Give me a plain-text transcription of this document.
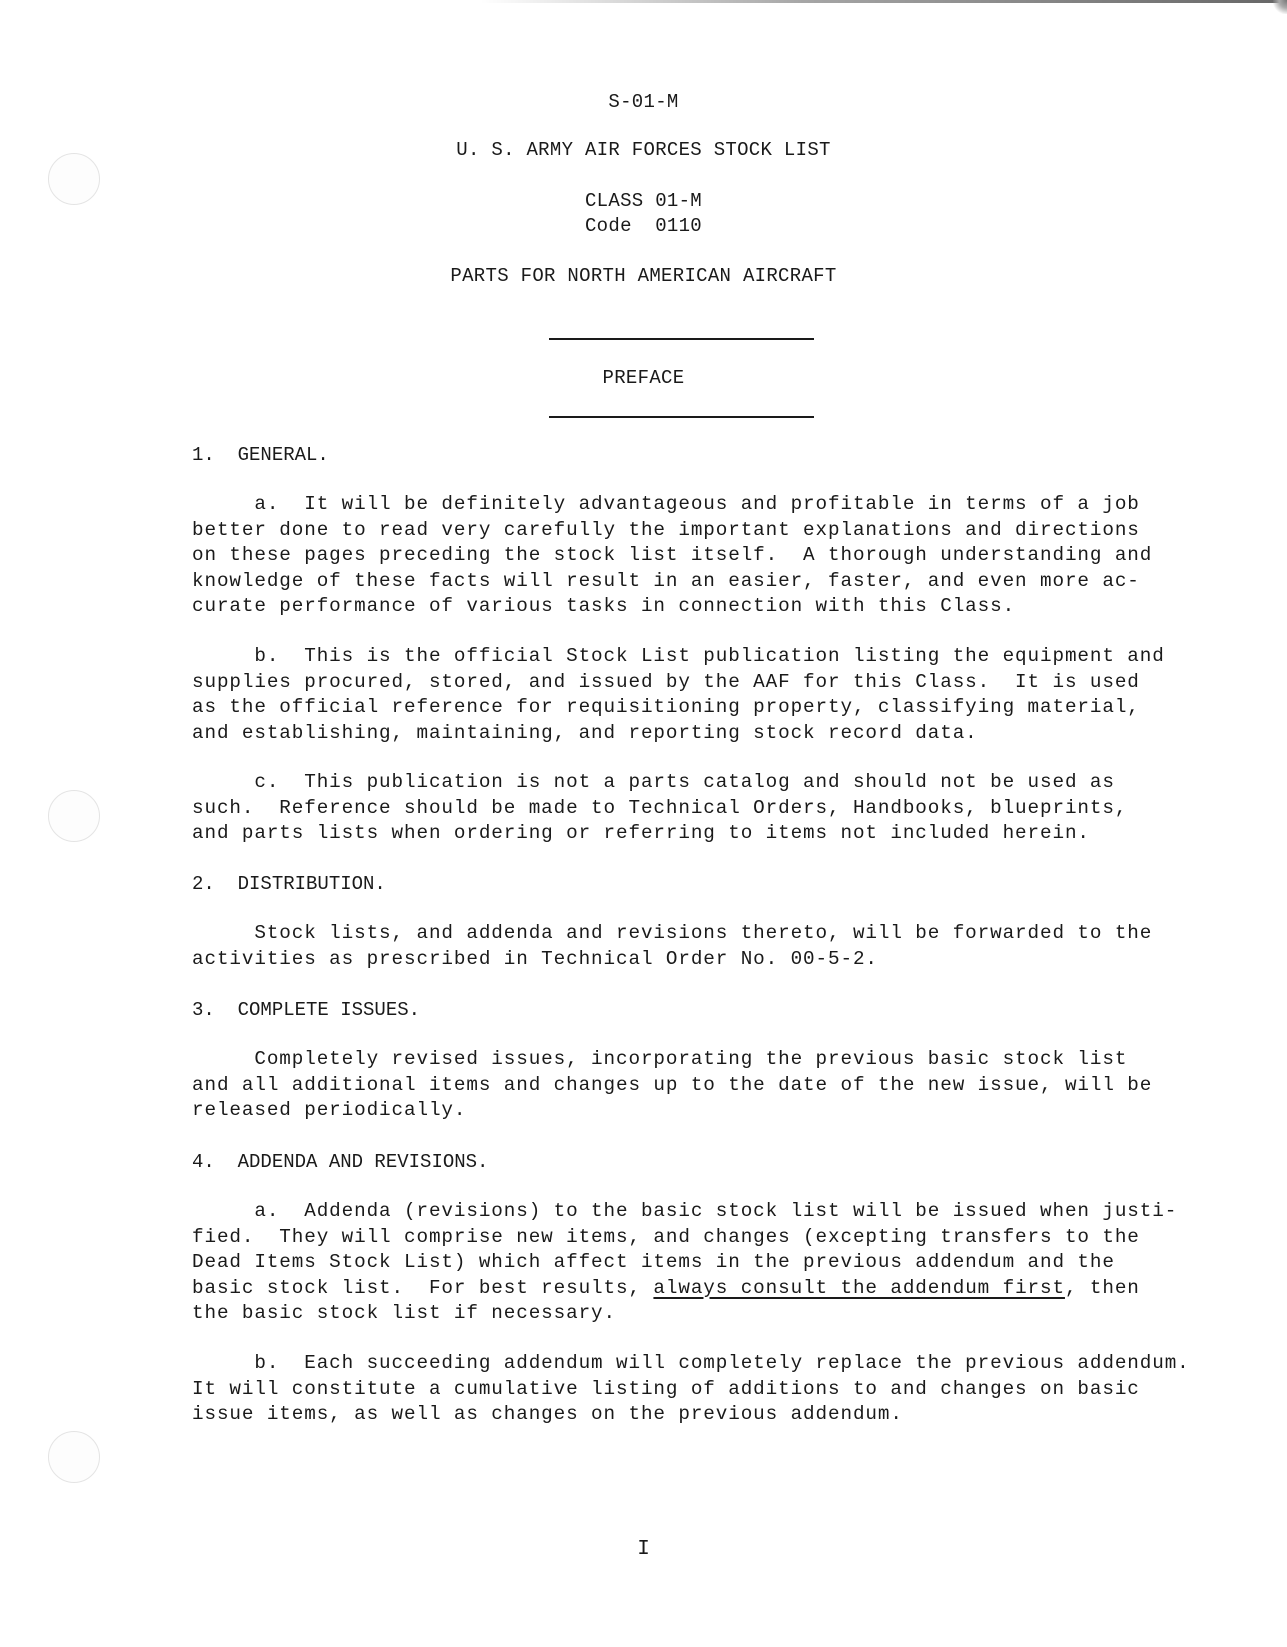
S-01-M
U. S. ARMY AIR FORCES STOCK LIST
CLASS 01-M
Code  0110
PARTS FOR NORTH AMERICAN AIRCRAFT
PREFACE
1.  GENERAL.
a.  It will be definitely advantageous and profitable in terms of a job
better done to read very carefully the important explanations and directions
on these pages preceding the stock list itself.  A thorough understanding and
knowledge of these facts will result in an easier, faster, and even more ac-
curate performance of various tasks in connection with this Class.
b.  This is the official Stock List publication listing the equipment and
supplies procured, stored, and issued by the AAF for this Class.  It is used
as the official reference for requisitioning property, classifying material,
and establishing, maintaining, and reporting stock record data.
c.  This publication is not a parts catalog and should not be used as
such.  Reference should be made to Technical Orders, Handbooks, blueprints,
and parts lists when ordering or referring to items not included herein.
2.  DISTRIBUTION.
Stock lists, and addenda and revisions thereto, will be forwarded to the
activities as prescribed in Technical Order No. 00-5-2.
3.  COMPLETE ISSUES.
Completely revised issues, incorporating the previous basic stock list
and all additional items and changes up to the date of the new issue, will be
released periodically.
4.  ADDENDA AND REVISIONS.
a.  Addenda (revisions) to the basic stock list will be issued when justi-
fied.  They will comprise new items, and changes (excepting transfers to the
Dead Items Stock List) which affect items in the previous addendum and the
basic stock list.  For best results, always consult the addendum first, then
the basic stock list if necessary.
b.  Each succeeding addendum will completely replace the previous addendum.
It will constitute a cumulative listing of additions to and changes on basic
issue items, as well as changes on the previous addendum.
I
